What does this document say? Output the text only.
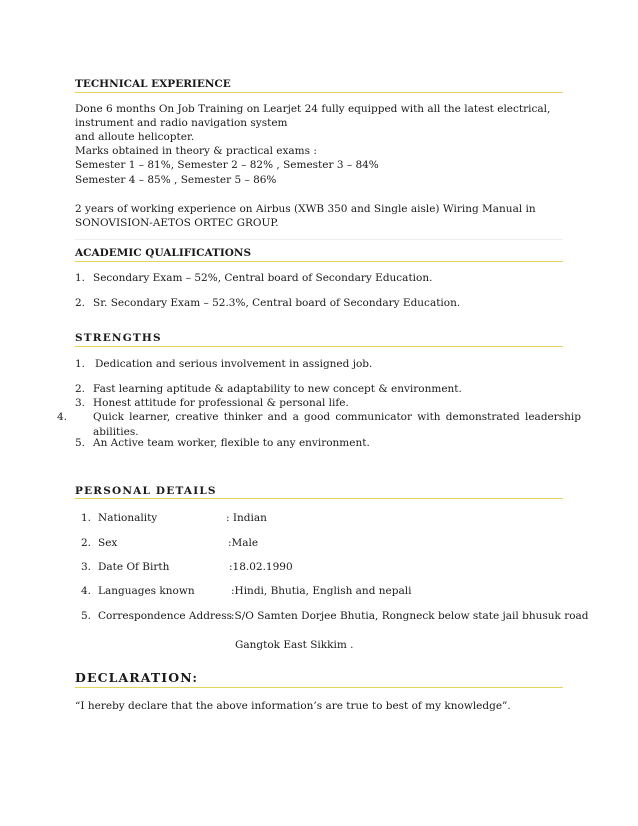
TECHNICAL EXPERIENCE
Done 6 months On Job Training on Learjet 24 fully equipped with all the latest electrical,
instrument and radio navigation system
and alloute helicopter.
Marks obtained in theory & practical exams :
Semester 1 – 81%, Semester 2 – 82% , Semester 3 – 84%
Semester 4 – 85% , Semester 5 – 86%
2 years of working experience on Airbus (XWB 350 and Single aisle) Wiring Manual in
SONOVISION-AETOS ORTEC GROUP.
ACADEMIC QUALIFICATIONS
1. Secondary Exam – 52%, Central board of Secondary Education.
2. Sr. Secondary Exam – 52.3%, Central board of Secondary Education.
STRENGTHS
1. Dedication and serious involvement in assigned job.
2. Fast learning aptitude & adaptability to new concept & environment.
3. Honest attitude for professional & personal life.
4. Quick learner, creative thinker and a good communicator with demonstrated leadership abilities.
5. An Active team worker, flexible to any environment.
PERSONAL DETAILS
1. Nationality	: Indian
2. Sex	:Male
3. Date Of Birth	:18.02.1990
4. Languages known	:Hindi, Bhutia, English and nepali
5. Correspondence Address :S/O Samten Dorjee Bhutia, Rongneck below state jail bhusuk road
Gangtok East Sikkim .
DECLARATION:
“I hereby declare that the above information’s are true to best of my knowledge”.
